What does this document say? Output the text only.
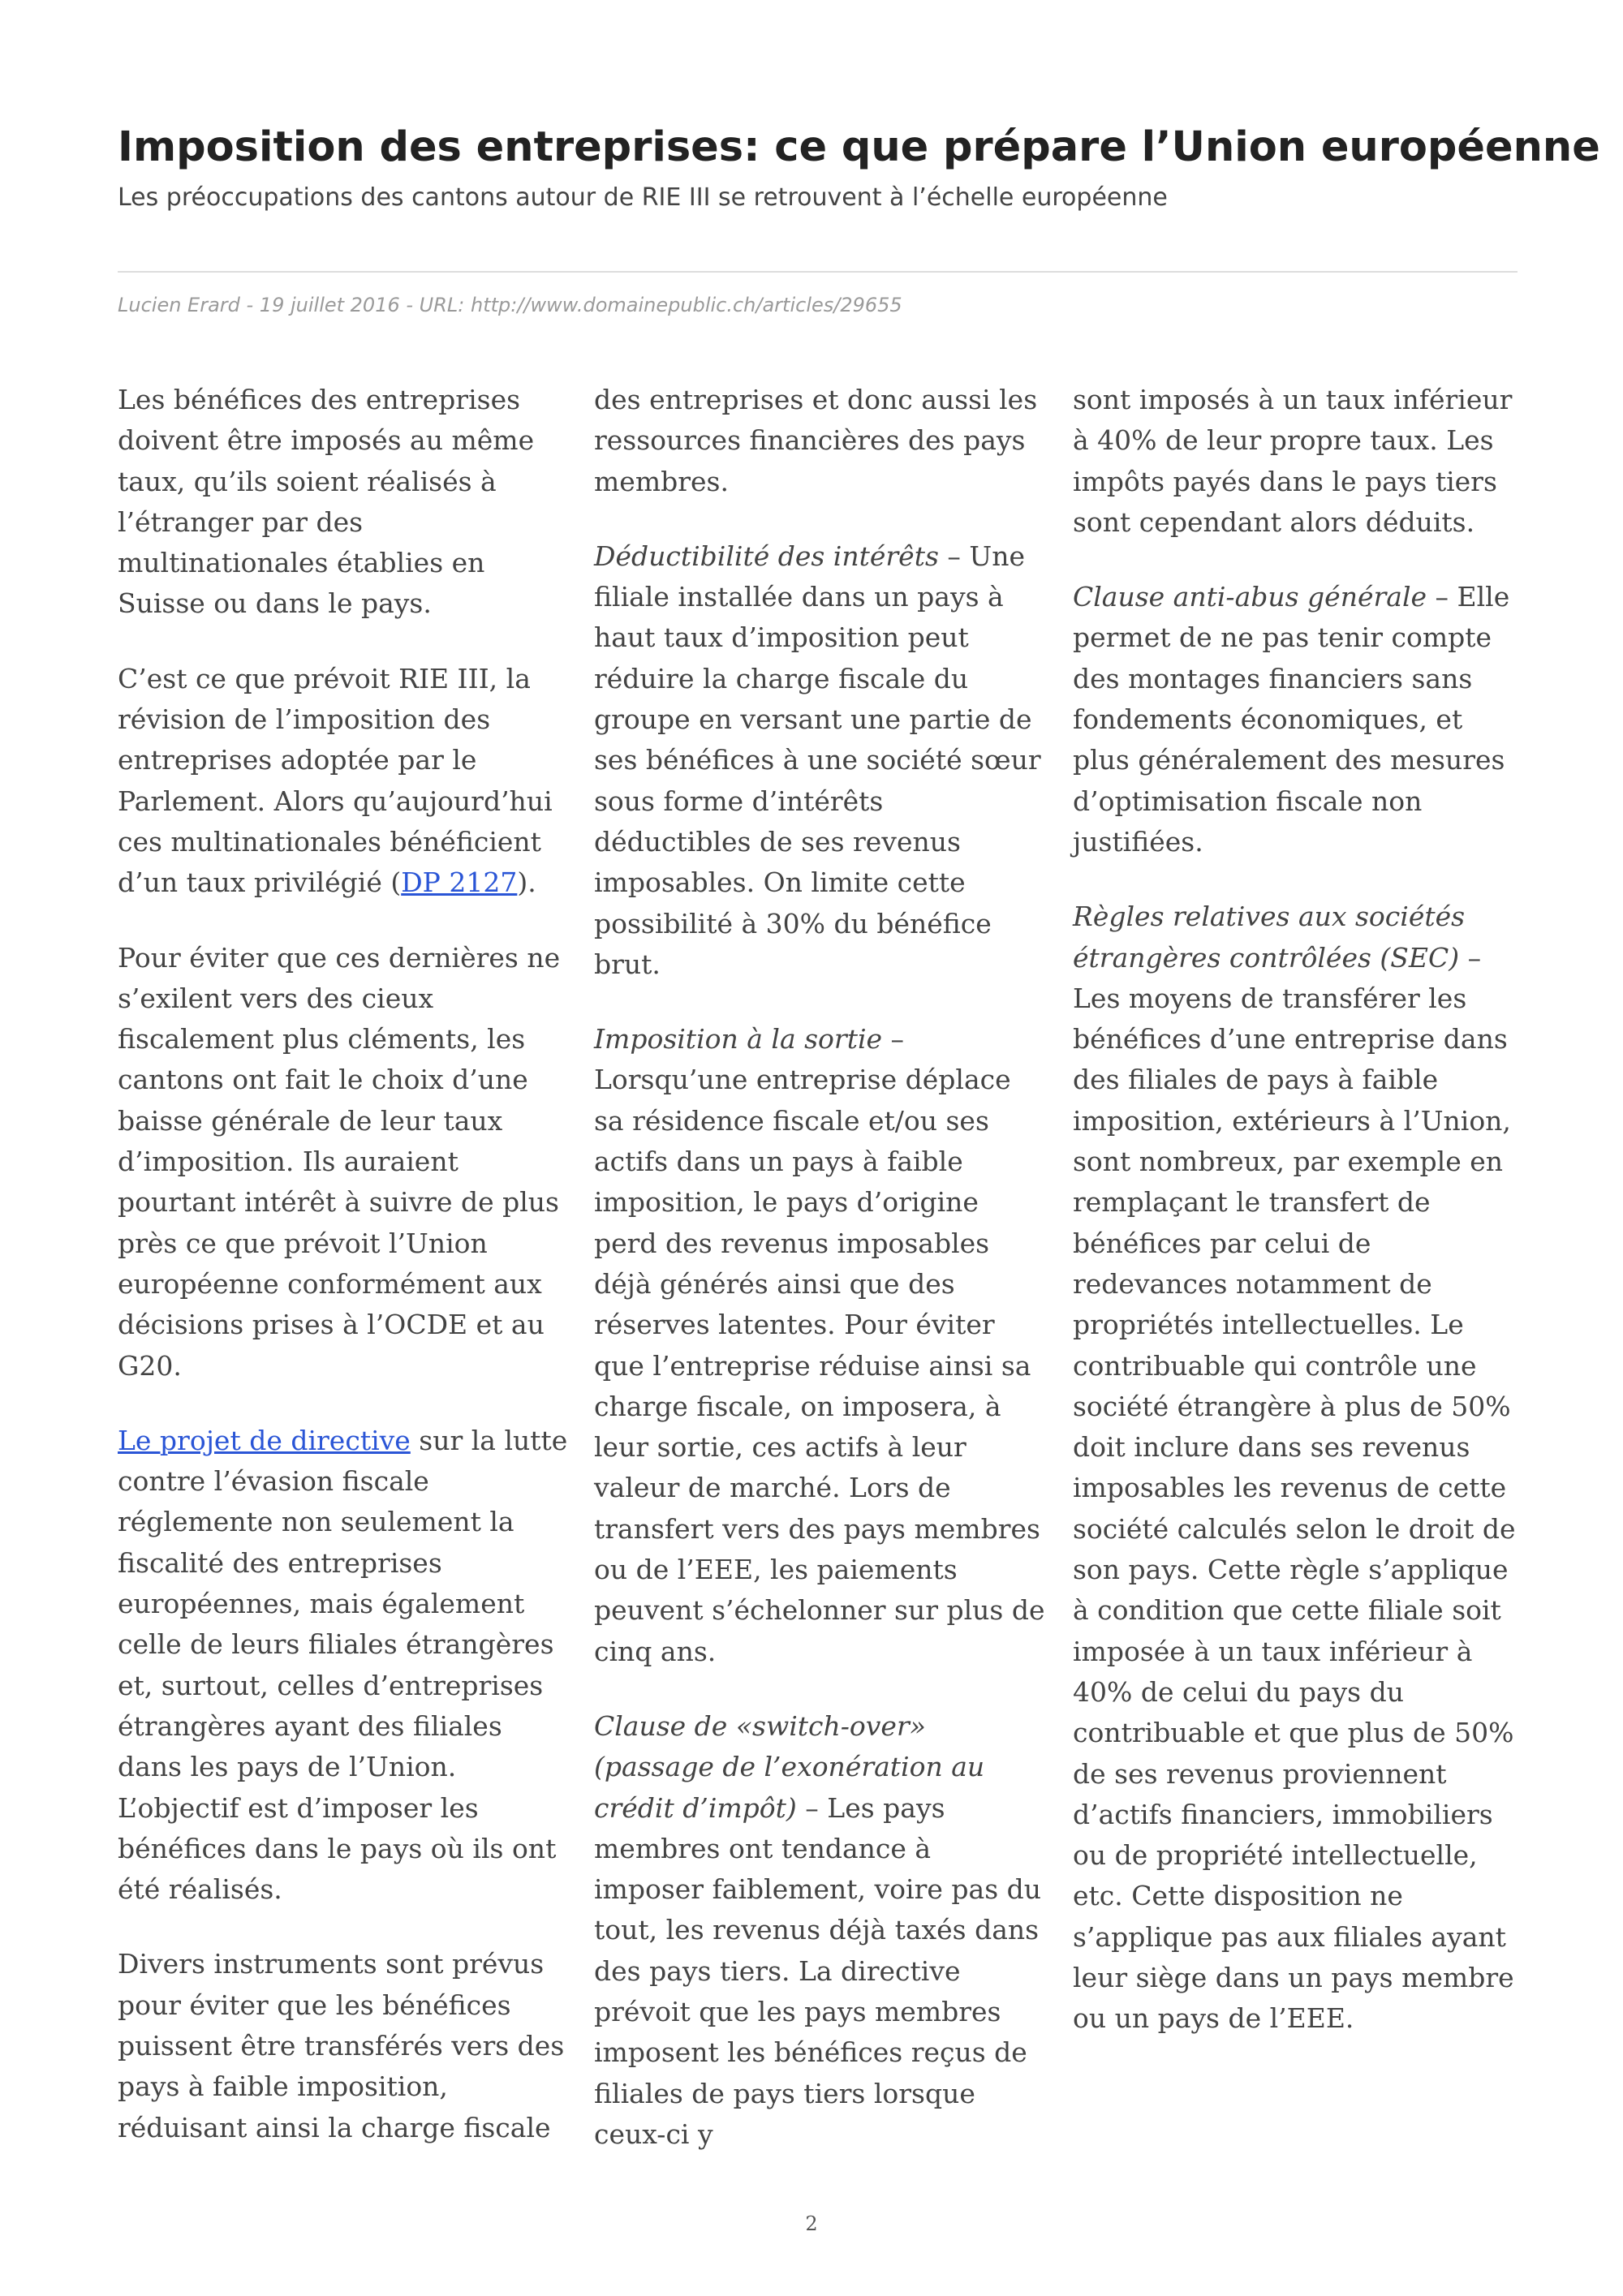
Imposition des entreprises: ce que prépare l’Union européenne

Les préoccupations des cantons autour de RIE III se retrouvent à l’échelle européenne

Lucien Erard - 19 juillet 2016 - URL: http://www.domainepublic.ch/articles/29655

Les bénéfices des entreprises doivent être imposés au même taux, qu’ils soient réalisés à l’étranger par des multinationales établies en Suisse ou dans le pays.

C’est ce que prévoit RIE III, la révision de l’imposition des entreprises adoptée par le Parlement. Alors qu’aujourd’hui ces multinationales bénéficient d’un taux privilégié (DP 2127).

Pour éviter que ces dernières ne s’exilent vers des cieux fiscalement plus cléments, les cantons ont fait le choix d’une baisse générale de leur taux d’imposition. Ils auraient pourtant intérêt à suivre de plus près ce que prévoit l’Union européenne conformément aux décisions prises à l’OCDE et au G20.

Le projet de directive sur la lutte contre l’évasion fiscale réglemente non seulement la fiscalité des entreprises européennes, mais également celle de leurs filiales étrangères et, surtout, celles d’entreprises étrangères ayant des filiales dans les pays de l’Union. L’objectif est d’imposer les bénéfices dans le pays où ils ont été réalisés.

Divers instruments sont prévus pour éviter que les bénéfices puissent être transférés vers des pays à faible imposition, réduisant ainsi la charge fiscale

des entreprises et donc aussi les ressources financières des pays membres.

Déductibilité des intérêts – Une filiale installée dans un pays à haut taux d’imposition peut réduire la charge fiscale du groupe en versant une partie de ses bénéfices à une société sœur sous forme d’intérêts déductibles de ses revenus imposables. On limite cette possibilité à 30% du bénéfice brut.

Imposition à la sortie – Lorsqu’une entreprise déplace sa résidence fiscale et/ou ses actifs dans un pays à faible imposition, le pays d’origine perd des revenus imposables déjà générés ainsi que des réserves latentes. Pour éviter que l’entreprise réduise ainsi sa charge fiscale, on imposera, à leur sortie, ces actifs à leur valeur de marché. Lors de transfert vers des pays membres ou de l’EEE, les paiements peuvent s’échelonner sur plus de cinq ans.

Clause de «switch-over» (passage de l’exonération au crédit d’impôt) – Les pays membres ont tendance à imposer faiblement, voire pas du tout, les revenus déjà taxés dans des pays tiers. La directive prévoit que les pays membres imposent les bénéfices reçus de filiales de pays tiers lorsque ceux-ci y

sont imposés à un taux inférieur à 40% de leur propre taux. Les impôts payés dans le pays tiers sont cependant alors déduits.

Clause anti-abus générale – Elle permet de ne pas tenir compte des montages financiers sans fondements économiques, et plus généralement des mesures d’optimisation fiscale non justifiées.

Règles relatives aux sociétés étrangères contrôlées (SEC) – Les moyens de transférer les bénéfices d’une entreprise dans des filiales de pays à faible imposition, extérieurs à l’Union, sont nombreux, par exemple en remplaçant le transfert de bénéfices par celui de redevances notamment de propriétés intellectuelles. Le contribuable qui contrôle une société étrangère à plus de 50% doit inclure dans ses revenus imposables les revenus de cette société calculés selon le droit de son pays. Cette règle s’applique à condition que cette filiale soit imposée à un taux inférieur à 40% de celui du pays du contribuable et que plus de 50% de ses revenus proviennent d’actifs financiers, immobiliers ou de propriété intellectuelle, etc. Cette disposition ne s’applique pas aux filiales ayant leur siège dans un pays membre ou un pays de l’EEE.

2
